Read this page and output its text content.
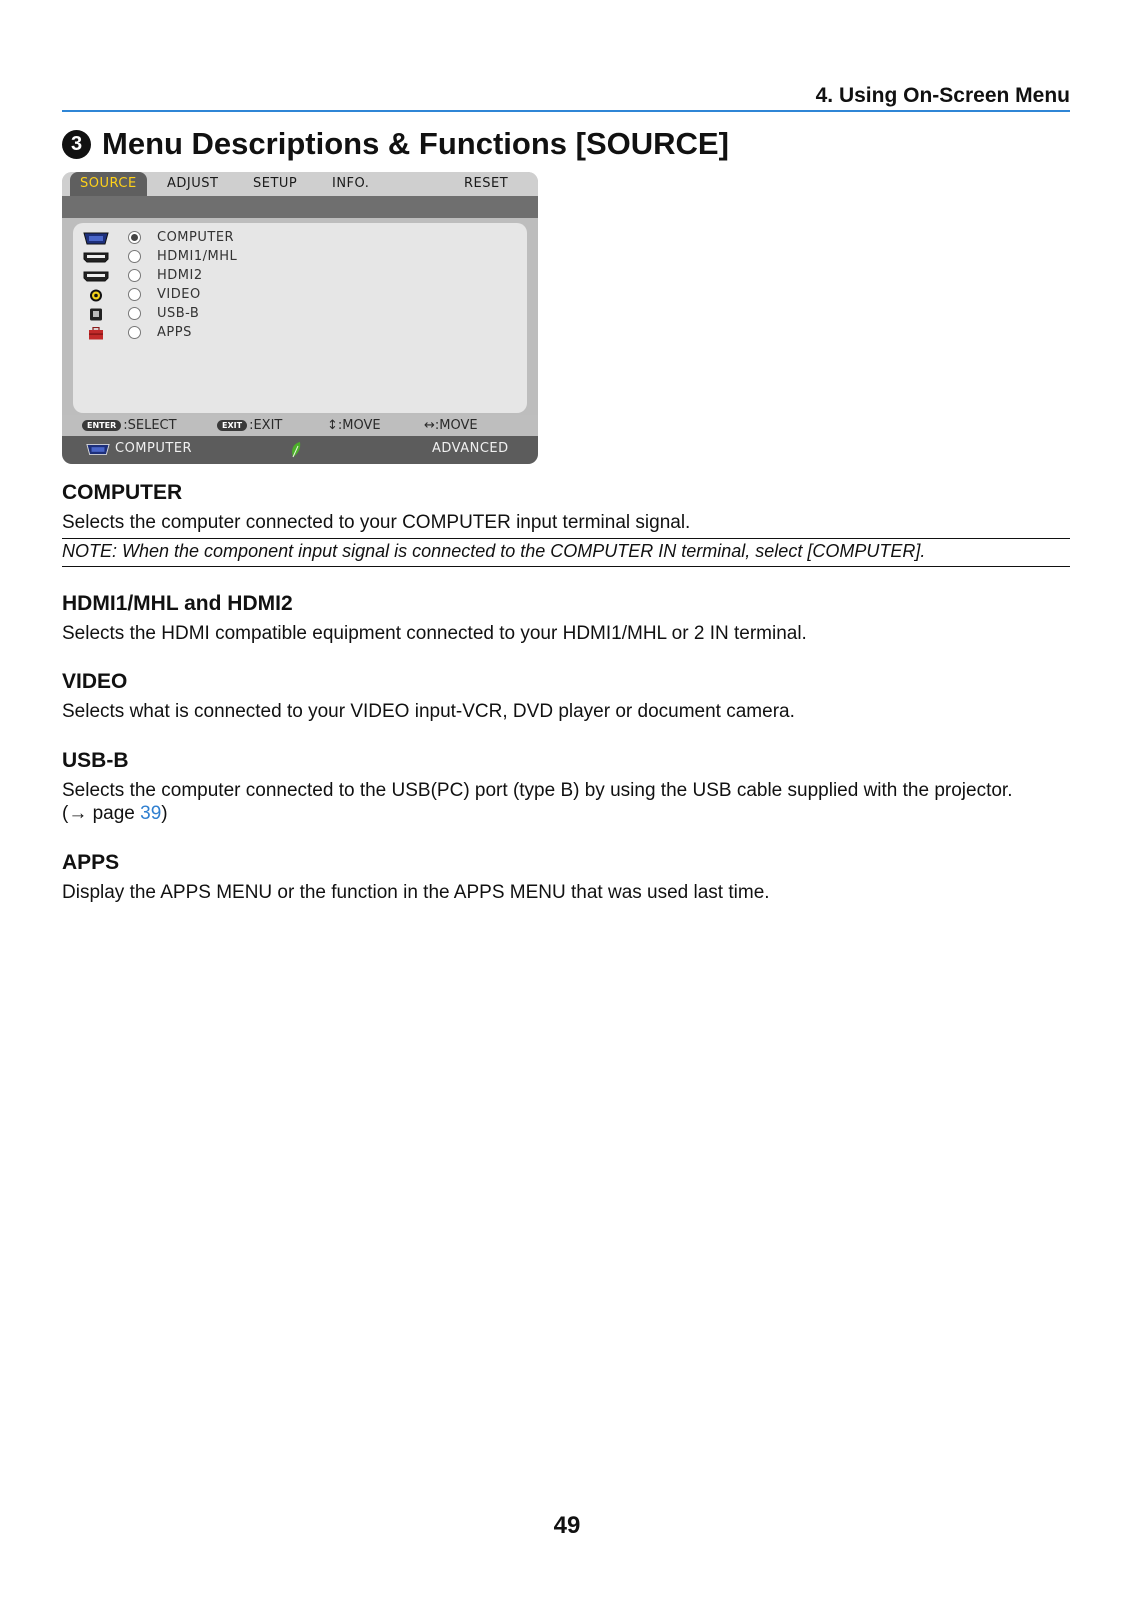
4. Using On-Screen Menu
3 Menu Descriptions & Functions [SOURCE]
SOURCE	ADJUST	SETUP	INFO.	RESET
COMPUTER
HDMI1/MHL
HDMI2
VIDEO
USB-B
APPS
ENTER :SELECT	EXIT :EXIT	↕:MOVE	↔:MOVE
COMPUTER	ADVANCED
COMPUTER
Selects the computer connected to your COMPUTER input terminal signal.
NOTE: When the component input signal is connected to the COMPUTER IN terminal, select [COMPUTER].
HDMI1/MHL and HDMI2
Selects the HDMI compatible equipment connected to your HDMI1/MHL or 2 IN terminal.
VIDEO
Selects what is connected to your VIDEO input-VCR, DVD player or document camera.
USB-B
Selects the computer connected to the USB(PC) port (type B) by using the USB cable supplied with the projector.
(→ page 39)
APPS
Display the APPS MENU or the function in the APPS MENU that was used last time.
49
